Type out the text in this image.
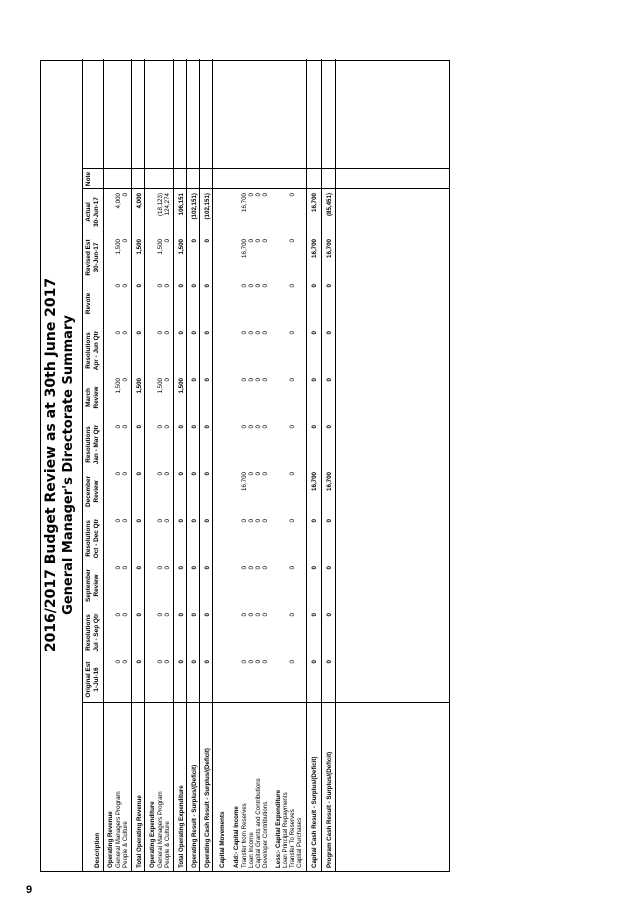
2016/2017 Budget Review as at 30th June 2017 General Manager's Directorate Summary
Description
Original Est 1-Jul-16
Resolutions Jul - Sep Qtr
September Review
Resolutions Oct - Dec Qtr
December Review
Resolutions Jan - Mar Qtr
March Review
Resolutions Apr - Jun Qtr
Revote
Revised Est 30-Jun-17
Actual 30-Jun-17
Note
Operating Revenue General Managers Program
0
0
0
0
0
0
1,500
0
0
1,500
4,000
People & Culture
0
0
0
0
0
0
0
0
0
0
0
Total Operating Revenue
0
0
0
0
0
0
1,500
0
0
1,500
4,000
Operating Expenditure General Managers Program
0
0
0
0
0
0
1,500
0
0
1,500
(18,123)
People & Culture
0
0
0
0
0
0
0
0
0
0
124,274
Total Operating Expenditure
0
0
0
0
0
0
1,500
0
0
1,500
106,151
Operating Result - Surplus/(Deficit)
0
0
0
0
0
0
0
0
0
0
(102,151)
Operating Cash Result - Surplus/(Deficit)
0
0
0
0
0
0
0
0
0
0
(102,151)
Capital Movements Add:- Capital Income Transfer from Reserves
0
0
0
0
16,700
0
0
0
0
16,700
16,700
Loan Income
0
0
0
0
0
0
0
0
0
0
0
Capital Grants and Contributions
0
0
0
0
0
0
0
0
0
0
0
Developer Contributions
0
0
0
0
0
0
0
0
0
0
0
Less:- Capital Expenditure Loan Principal Repayments Transfer To Reserves
0
0
0
0
0
0
0
0
0
0
0
Capital Purchases Capital Cash Result - Surplus/(Deficit)
0
0
0
0
16,700
0
0
0
0
16,700
16,700
Program Cash Result - Surplus/(Deficit)
0
0
0
0
16,700
0
0
0
0
16,700
(85,451)
9
